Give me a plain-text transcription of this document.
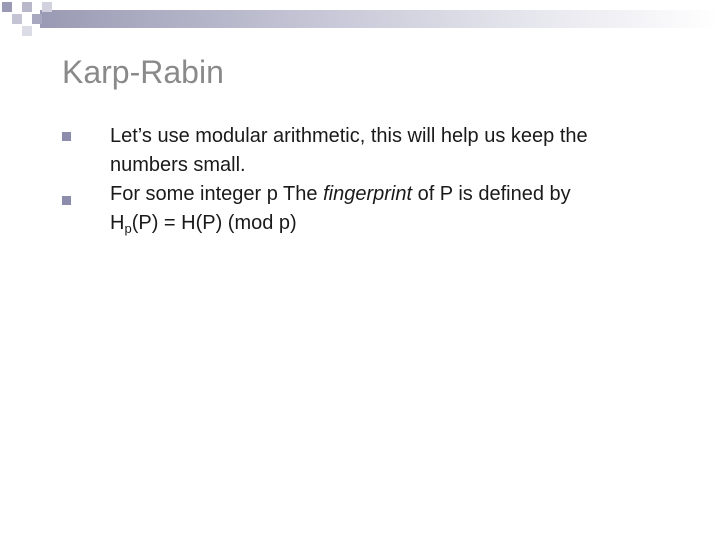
Karp-Rabin

Let’s use modular arithmetic, this will help us keep the numbers small.

For some integer p The fingerprint of P is defined by

$H_p(P) = H(P)$ (mod p)
